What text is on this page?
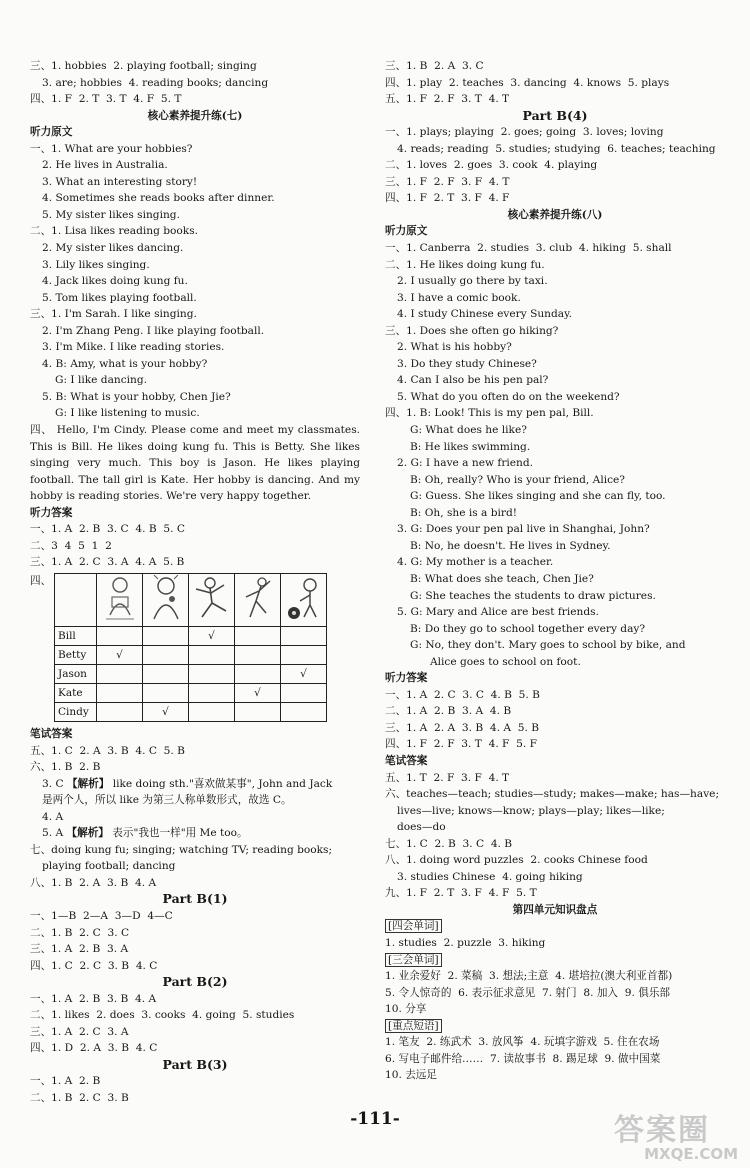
三、1. hobbies  2. playing football; singing
3. are; hobbies  4. reading books; dancing
四、1. F  2. T  3. T  4. F  5. T
核心素养提升练(七)
听力原文
一、1. What are your hobbies?
2. He lives in Australia.
3. What an interesting story!
4. Sometimes she reads books after dinner.
5. My sister likes singing.
二、1. Lisa likes reading books.
2. My sister likes dancing.
3. Lily likes singing.
4. Jack likes doing kung fu.
5. Tom likes playing football.
三、1. I'm Sarah. I like singing.
2. I'm Zhang Peng. I like playing football.
3. I'm Mike. I like reading stories.
4. B: Amy, what is your hobby?
G: I like dancing.
5. B: What is your hobby, Chen Jie?
G: I like listening to music.
四、 Hello, I'm Cindy. Please come and meet my classmates. This is Bill. He likes doing kung fu. This is Betty. She likes singing very much. This boy is Jason. He likes playing football. The tall girl is Kate. Her hobby is dancing. And my hobby is reading stories. We're very happy together.
听力答案
一、1. A  2. B  3. C  4. B  5. C
二、3  4  5  1  2
三、1. A  2. C  3. A  4. A  5. B
四、

Bill			√		
Betty	√				
Jason					√
Kate				√	
Cindy		√			
笔试答案
五、1. C  2. A  3. B  4. C  5. B
六、1. B  2. B
3. C 【解析】 like doing sth."喜欢做某事", John and Jack
是两个人，所以 like 为第三人称单数形式，故选 C。
4. A
5. A 【解析】 表示"我也一样"用 Me too。
七、doing kung fu; singing; watching TV; reading books;
playing football; dancing
八、1. B  2. A  3. B  4. A
Part B(1)
一、1—B  2—A  3—D  4—C
二、1. B  2. C  3. C
三、1. A  2. B  3. A
四、1. C  2. C  3. B  4. C
Part B(2)
一、1. A  2. B  3. B  4. A
二、1. likes  2. does  3. cooks  4. going  5. studies
三、1. A  2. C  3. A
四、1. D  2. A  3. B  4. C
Part B(3)
一、1. A  2. B
二、1. B  2. C  3. B
三、1. B  2. A  3. C
四、1. play  2. teaches  3. dancing  4. knows  5. plays
五、1. F  2. F  3. T  4. T
Part B(4)
一、1. plays; playing  2. goes; going  3. loves; loving
4. reads; reading  5. studies; studying  6. teaches; teaching
二、1. loves  2. goes  3. cook  4. playing
三、1. F  2. F  3. F  4. T
四、1. F  2. T  3. F  4. F
核心素养提升练(八)
听力原文
一、1. Canberra  2. studies  3. club  4. hiking  5. shall
二、1. He likes doing kung fu.
2. I usually go there by taxi.
3. I have a comic book.
4. I study Chinese every Sunday.
三、1. Does she often go hiking?
2. What is his hobby?
3. Do they study Chinese?
4. Can I also be his pen pal?
5. What do you often do on the weekend?
四、1. B: Look! This is my pen pal, Bill.
G: What does he like?
B: He likes swimming.
2. G: I have a new friend.
B: Oh, really? Who is your friend, Alice?
G: Guess. She likes singing and she can fly, too.
B: Oh, she is a bird!
3. G: Does your pen pal live in Shanghai, John?
B: No, he doesn't. He lives in Sydney.
4. G: My mother is a teacher.
B: What does she teach, Chen Jie?
G: She teaches the students to draw pictures.
5. G: Mary and Alice are best friends.
B: Do they go to school together every day?
G: No, they don't. Mary goes to school by bike, and
Alice goes to school on foot.
听力答案
一、1. A  2. C  3. C  4. B  5. B
二、1. A  2. B  3. A  4. B
三、1. A  2. A  3. B  4. A  5. B
四、1. F  2. F  3. T  4. F  5. F
笔试答案
五、1. T  2. F  3. F  4. T
六、teaches—teach; studies—study; makes—make; has—have;
lives—live; knows—know; plays—play; likes—like;
does—do
七、1. C  2. B  3. C  4. B
八、1. doing word puzzles  2. cooks Chinese food
3. studies Chinese  4. going hiking
九、1. F  2. T  3. F  4. F  5. T
第四单元知识盘点
[四会单词]
1. studies  2. puzzle  3. hiking
[三会单词]
1. 业余爱好  2. 菜稿  3. 想法;主意  4. 堪培拉(澳大利亚首都)
5. 令人惊奇的  6. 表示征求意见  7. 射门  8. 加入  9. 俱乐部
10. 分享
[重点短语]
1. 笔友  2. 练武术  3. 放风筝  4. 玩填字游戏  5. 住在农场
6. 写电子邮件给……  7. 读故事书  8. 踢足球  9. 做中国菜
10. 去远足
-111-	答案圈
MXQE.COM
